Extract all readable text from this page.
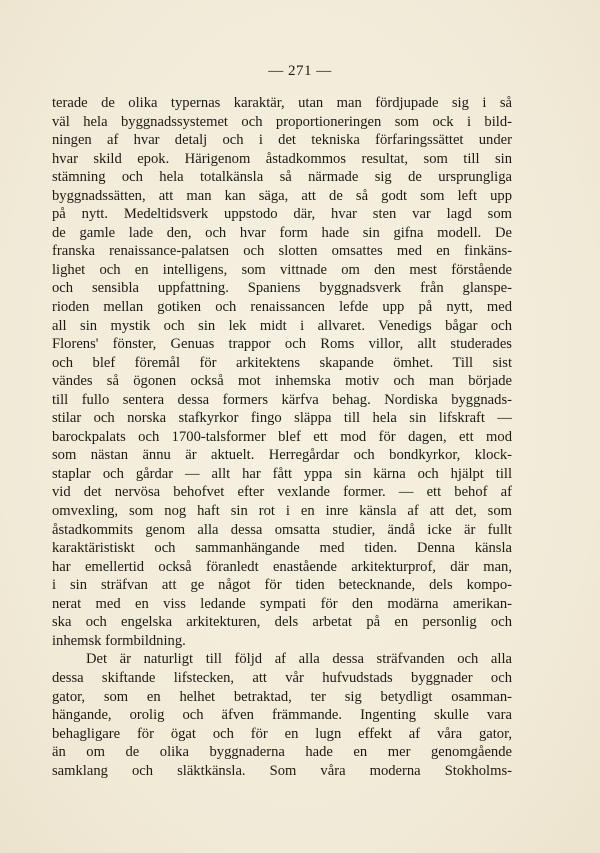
— 271 —
terade de olika typernas karaktär, utan man fördjupade sig i så
väl hela byggnadssystemet och proportioneringen som ock i bild-
ningen af hvar detalj och i det tekniska förfaringssättet under
hvar skild epok. Härigenom åstadkommos resultat, som till sin
stämning och hela totalkänsla så närmade sig de ursprungliga
byggnadssätten, att man kan säga, att de så godt som left upp
på nytt. Medeltidsverk uppstodo där, hvar sten var lagd som
de gamle lade den, och hvar form hade sin gifna modell. De
franska renaissance-palatsen och slotten omsattes med en finkäns-
lighet och en intelligens, som vittnade om den mest förstående
och sensibla uppfattning. Spaniens byggnadsverk från glanspe-
rioden mellan gotiken och renaissancen lefde upp på nytt, med
all sin mystik och sin lek midt i allvaret. Venedigs bågar och
Florens' fönster, Genuas trappor och Roms villor, allt studerades
och blef föremål för arkitektens skapande ömhet. Till sist
vändes så ögonen också mot inhemska motiv och man började
till fullo sentera dessa formers kärfva behag. Nordiska byggnads-
stilar och norska stafkyrkor fingo släppa till hela sin lifskraft —
barockpalats och 1700-talsformer blef ett mod för dagen, ett mod
som nästan ännu är aktuelt. Herregårdar och bondkyrkor, klock-
staplar och gårdar — allt har fått yppa sin kärna och hjälpt till
vid det nervösa behofvet efter vexlande former. — ett behof af
omvexling, som nog haft sin rot i en inre känsla af att det, som
åstadkommits genom alla dessa omsatta studier, ändå icke är fullt
karaktäristiskt och sammanhängande med tiden. Denna känsla
har emellertid också föranledt enastående arkitekturprof, där man,
i sin sträfvan att ge något för tiden betecknande, dels kompo-
nerat med en viss ledande sympati för den modärna amerikan-
ska och engelska arkitekturen, dels arbetat på en personlig och
inhemsk formbildning.
Det är naturligt till följd af alla dessa sträfvanden och alla
dessa skiftande lifstecken, att vår hufvudstads byggnader och
gator, som en helhet betraktad, ter sig betydligt osamman-
hängande, orolig och äfven främmande. Ingenting skulle vara
behagligare för ögat och för en lugn effekt af våra gator,
än om de olika byggnaderna hade en mer genomgående
samklang och släktkänsla. Som våra moderna Stokholms-
